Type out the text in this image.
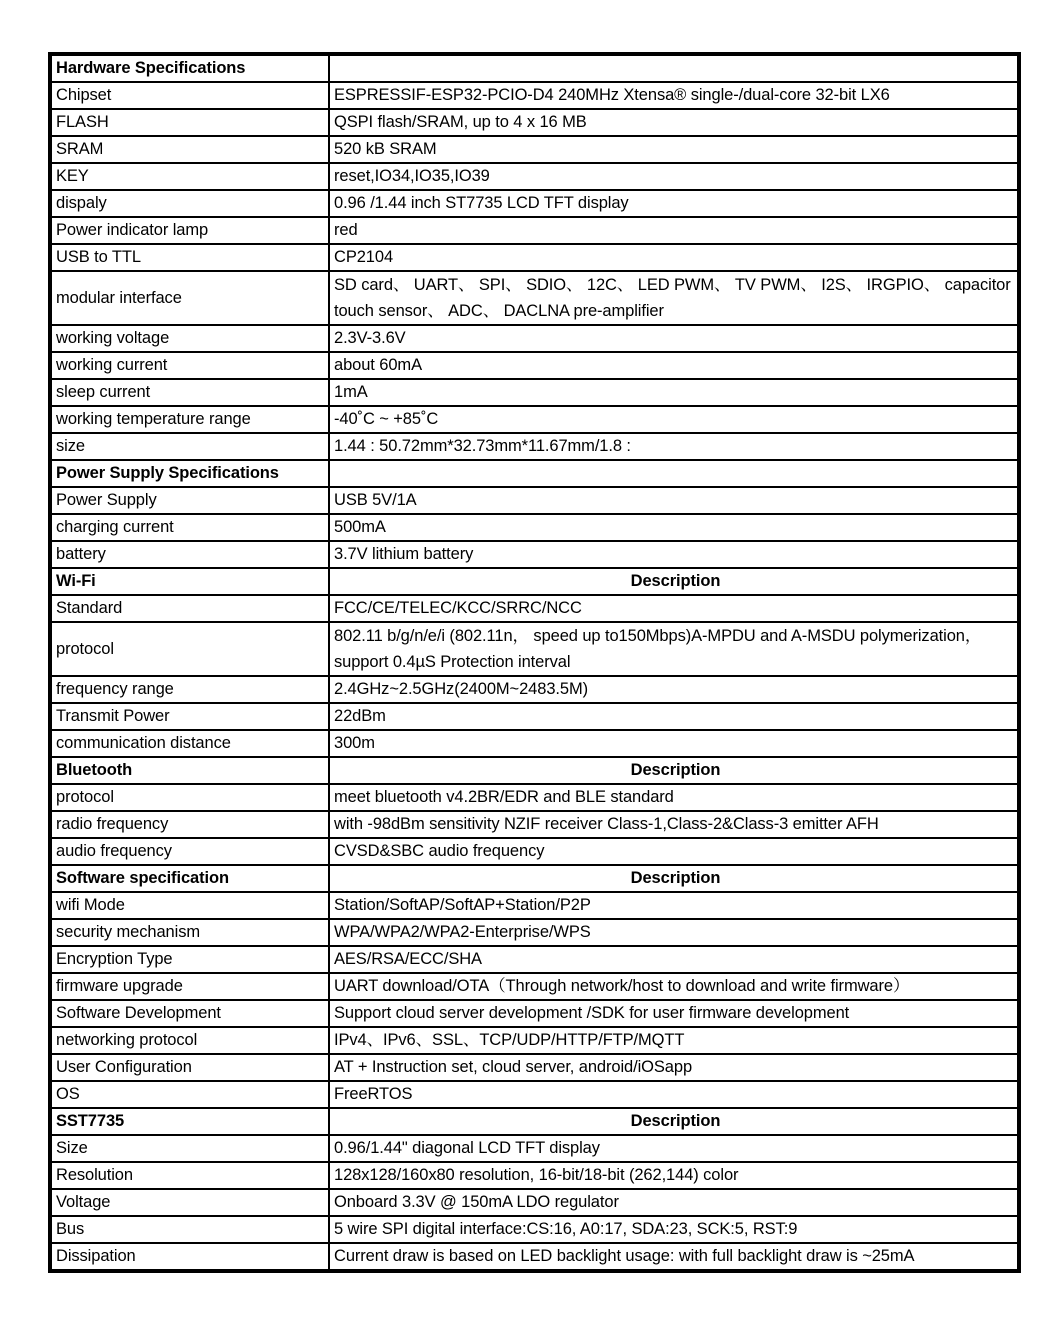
Hardware Specifications	
Chipset	ESPRESSIF-ESP32-PCIO-D4 240MHz Xtensa® single-/dual-core 32-bit LX6
FLASH	QSPI flash/SRAM, up to 4 x 16 MB
SRAM	520 kB SRAM
KEY	reset,IO34,IO35,IO39
dispaly	0.96 /1.44 inch ST7735 LCD TFT display
Power indicator lamp	red
USB to TTL	CP2104
modular interface	SD card、 UART、 SPI、 SDIO、 12C、 LED PWM、 TV PWM、 I2S、 IRGPIO、 capacitor touch sensor、 ADC、 DACLNA pre-amplifier
working voltage	2.3V-3.6V
working current	about 60mA
sleep current	1mA
working temperature range	-40˚C ~ +85˚C
size	1.44 : 50.72mm*32.73mm*11.67mm/1.8 :
Power Supply Specifications	
Power Supply	USB 5V/1A
charging current	500mA
battery	3.7V lithium battery
Wi-Fi	Description
Standard	FCC/CE/TELEC/KCC/SRRC/NCC
protocol	802.11 b/g/n/e/i (802.11n， speed up to150Mbps)A-MPDU and A-MSDU polymerization， support 0.4µS Protection interval
frequency range	2.4GHz~2.5GHz(2400M~2483.5M)
Transmit Power	22dBm
communication distance	300m
Bluetooth	Description
protocol	meet bluetooth v4.2BR/EDR and BLE standard
radio frequency	with -98dBm sensitivity NZIF receiver Class-1,Class-2&Class-3 emitter AFH
audio frequency	CVSD&SBC audio frequency
Software specification	Description
wifi Mode	Station/SoftAP/SoftAP+Station/P2P
security mechanism	WPA/WPA2/WPA2-Enterprise/WPS
Encryption Type	AES/RSA/ECC/SHA
firmware upgrade	UART download/OTA（Through network/host to download and write firmware）
Software Development	Support cloud server development /SDK for user firmware development
networking protocol	IPv4、IPv6、SSL、TCP/UDP/HTTP/FTP/MQTT
User Configuration	AT + Instruction set, cloud server, android/iOSapp
OS	FreeRTOS
SST7735	Description
Size	0.96/1.44" diagonal LCD TFT display
Resolution	128x128/160x80 resolution, 16-bit/18-bit (262,144) color
Voltage	Onboard 3.3V @ 150mA LDO regulator
Bus	5 wire SPI digital interface:CS:16, A0:17, SDA:23, SCK:5, RST:9
Dissipation	Current draw is based on LED backlight usage: with full backlight draw is ~25mA
